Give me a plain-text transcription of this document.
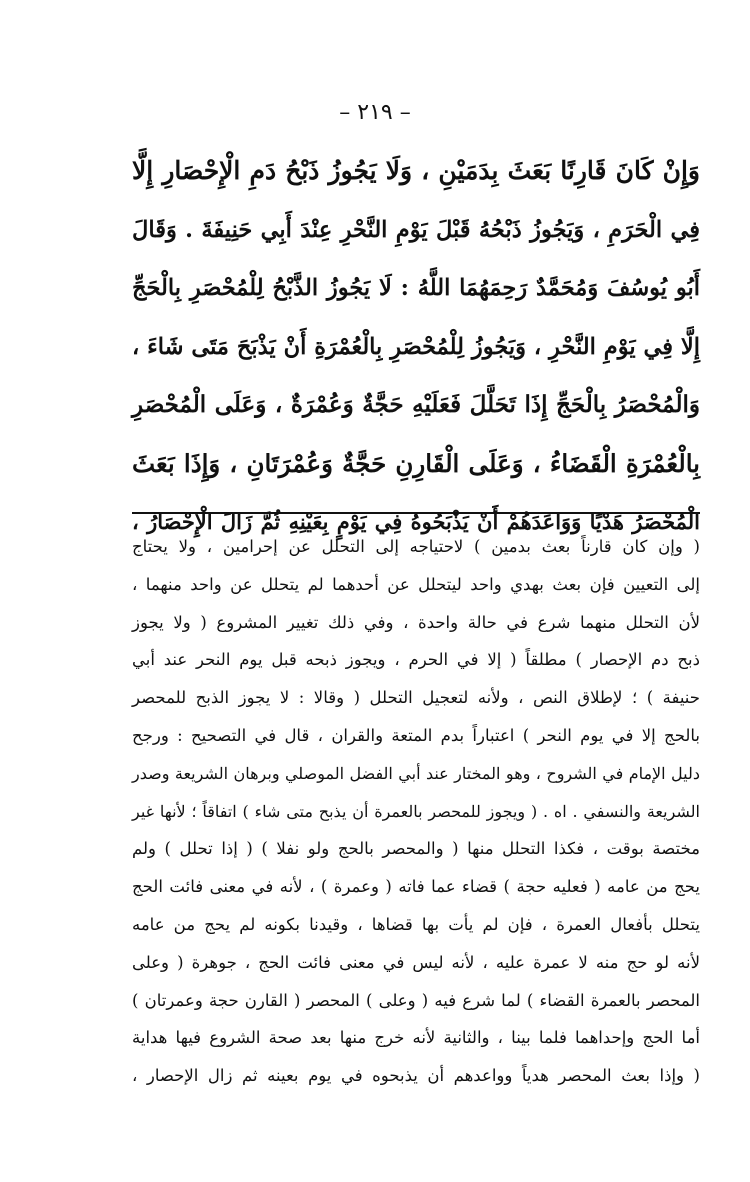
– ٢١٩ –
وَإِنْ كَانَ قَارِنًا بَعَثَ بِدَمَيْنِ ، وَلَا يَجُوزُ ذَبْحُ دَمِ الْإِحْصَارِ إِلَّا
فِي الْحَرَمِ ، وَيَجُوزُ ذَبْحُهُ قَبْلَ يَوْمِ النَّحْرِ عِنْدَ أَبِي حَنِيفَةَ . وَقَالَ
أَبُو يُوسُفَ وَمُحَمَّدٌ رَحِمَهُمَا اللَّهُ : لَا يَجُوزُ الذَّبْحُ لِلْمُحْصَرِ بِالْحَجِّ
إِلَّا فِي يَوْمِ النَّحْرِ ، وَيَجُوزُ لِلْمُحْصَرِ بِالْعُمْرَةِ أَنْ يَذْبَحَ مَتَى شَاءَ ،
وَالْمُحْصَرُ بِالْحَجِّ إِذَا تَحَلَّلَ فَعَلَيْهِ حَجَّةٌ وَعُمْرَةٌ ، وَعَلَى الْمُحْصَرِ
بِالْعُمْرَةِ الْقَضَاءُ ، وَعَلَى الْقَارِنِ حَجَّةٌ وَعُمْرَتَانِ ، وَإِذَا بَعَثَ
الْمُحْصَرُ هَدْيًا وَوَاعَدَهُمْ أَنْ يَذْبَحُوهُ فِي يَوْمٍ بِعَيْنِهِ ثُمَّ زَالَ الْإِحْصَارُ ،
( وإن كان قارناً بعث بدمين ) لاحتياجه إلى التحلل عن إحرامين ، ولا يحتاج
إلى التعيين فإن بعث بهدي واحد ليتحلل عن أحدهما لم يتحلل عن واحد منهما ،
لأن التحلل منهما شرع في حالة واحدة ، وفي ذلك تغيير المشروع ( ولا يجوز
ذبح دم الإحصار ) مطلقاً ( إلا في الحرم ، ويجوز ذبحه قبل يوم النحر عند أبي
حنيفة ) ؛ لإطلاق النص ، ولأنه لتعجيل التحلل ( وقالا : لا يجوز الذبح للمحصر
بالحج إلا في يوم النحر ) اعتباراً بدم المتعة والقران ، قال في التصحيح : ورجح
دليل الإمام في الشروح ، وهو المختار عند أبي الفضل الموصلي وبرهان الشريعة وصدر
الشريعة والنسفي . اه . ( ويجوز للمحصر بالعمرة أن يذبح متى شاء ) اتفاقاً ؛ لأنها غير
مختصة بوقت ، فكذا التحلل منها ( والمحصر بالحج ولو نفلا ) ( إذا تحلل ) ولم
يحج من عامه ( فعليه حجة ) قضاء عما فاته ( وعمرة ) ، لأنه في معنى فائت الحج
يتحلل بأفعال العمرة ، فإن لم يأت بها قضاها ، وقيدنا بكونه لم يحج من عامه
لأنه لو حج منه لا عمرة عليه ، لأنه ليس في معنى فائت الحج ، جوهرة ( وعلى
المحصر بالعمرة القضاء ) لما شرع فيه ( وعلى ) المحصر ( القارن حجة وعمرتان )
أما الحج وإحداهما فلما بينا ، والثانية لأنه خرج منها بعد صحة الشروع فيها هداية
( وإذا بعث المحصر هدياً وواعدهم أن يذبحوه في يوم بعينه ثم زال الإحصار ،
